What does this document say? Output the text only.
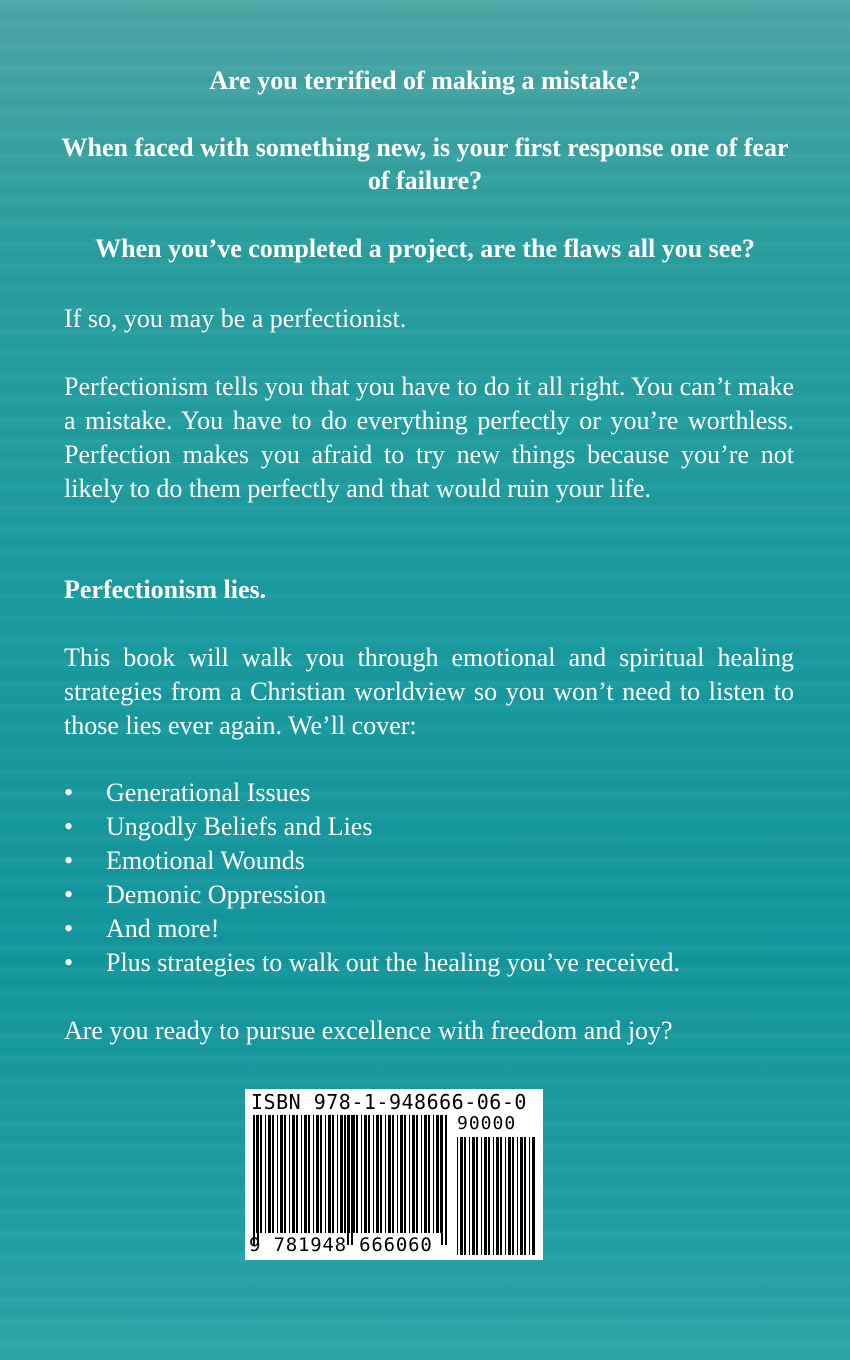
Are you terrified of making a mistake?

When faced with something new, is your first response one of fear of failure?

When you’ve completed a project, are the flaws all you see?

If so, you may be a perfectionist.

Perfectionism tells you that you have to do it all right. You can’t make a mistake. You have to do everything perfectly or you’re worthless. Perfection makes you afraid to try new things because you’re not likely to do them perfectly and that would ruin your life.

Perfectionism lies.

This book will walk you through emotional and spiritual healing strategies from a Christian worldview so you won’t need to listen to those lies ever again. We’ll cover:

• Generational Issues
• Ungodly Beliefs and Lies
• Emotional Wounds
• Demonic Oppression
• And more!
• Plus strategies to walk out the healing you’ve received.

Are you ready to pursue excellence with freedom and joy?

ISBN 978-1-948666-06-0
90000
9 781948 666060
